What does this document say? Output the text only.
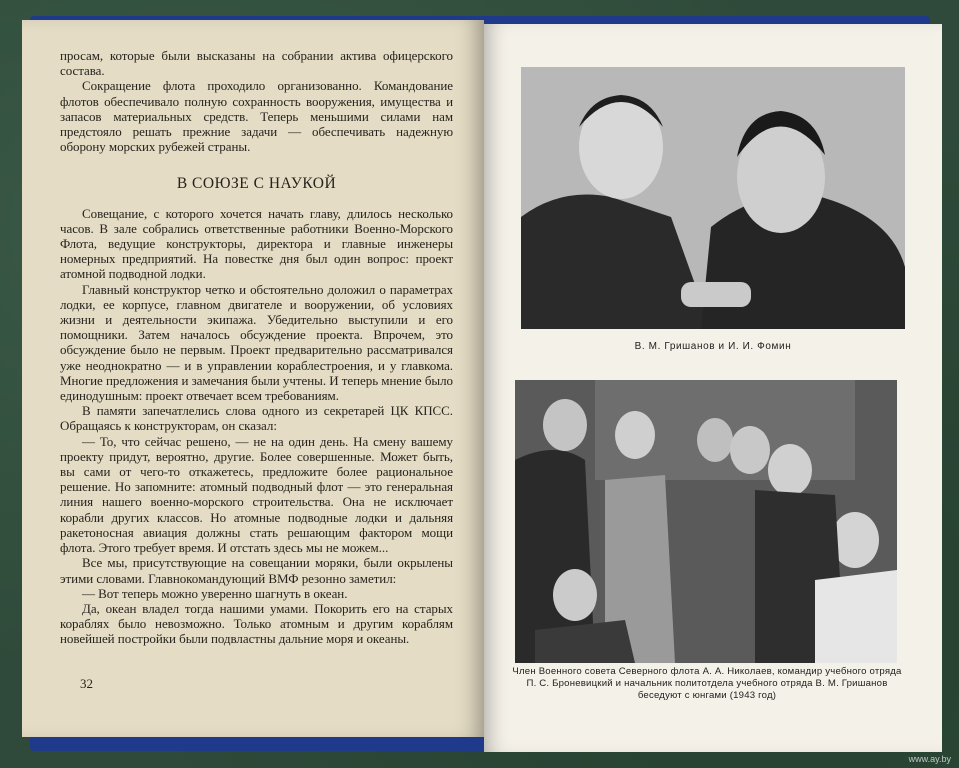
просам, которые были высказаны на собрании актива офицерского состава.

Сокращение флота проходило организованно. Командование флотов обеспечивало полную сохранность вооружения, имущества и запасов материальных средств. Теперь меньшими силами нам предстояло решать прежние задачи — обеспечивать надежную оборону морских рубежей страны.

В СОЮЗЕ С НАУКОЙ

Совещание, с которого хочется начать главу, длилось несколько часов. В зале собрались ответственные работники Военно-Морского Флота, ведущие конструкторы, директора и главные инженеры номерных предприятий. На повестке дня был один вопрос: проект атомной подводной лодки.

Главный конструктор четко и обстоятельно доложил о параметрах лодки, ее корпусе, главном двигателе и вооружении, об условиях жизни и деятельности экипажа. Убедительно выступили и его помощники. Затем началось обсуждение проекта. Впрочем, это обсуждение было не первым. Проект предварительно рассматривался уже неоднократно — и в управлении кораблестроения, и у главкома. Многие предложения и замечания были учтены. И теперь мнение было единодушным: проект отвечает всем требованиям.

В памяти запечатлелись слова одного из секретарей ЦК КПСС. Обращаясь к конструкторам, он сказал:

— То, что сейчас решено, — не на один день. На смену вашему проекту придут, вероятно, другие. Более совершенные. Может быть, вы сами от чего-то откажетесь, предложите более рациональное решение. Но запомните: атомный подводный флот — это генеральная линия нашего военно-морского строительства. Она не исключает корабли других классов. Но атомные подводные лодки и дальняя ракетоносная авиация должны стать решающим фактором мощи флота. Этого требует время. И отстать здесь мы не можем...

Все мы, присутствующие на совещании моряки, были окрылены этими словами. Главнокомандующий ВМФ резонно заметил:

— Вот теперь можно уверенно шагнуть в океан.

Да, океан владел тогда нашими умами. Покорить его на старых кораблях было невозможно. Только атомным и другим кораблям новейшей постройки были подвластны дальние моря и океаны.

32
В. М. Гришанов и И. И. Фомин
Член Военного совета Северного флота А. А. Николаев, командир учебного отряда П. С. Броневицкий и начальник политотдела учебного отряда В. М. Гришанов беседуют с юнгами (1943 год)
www.ay.by
